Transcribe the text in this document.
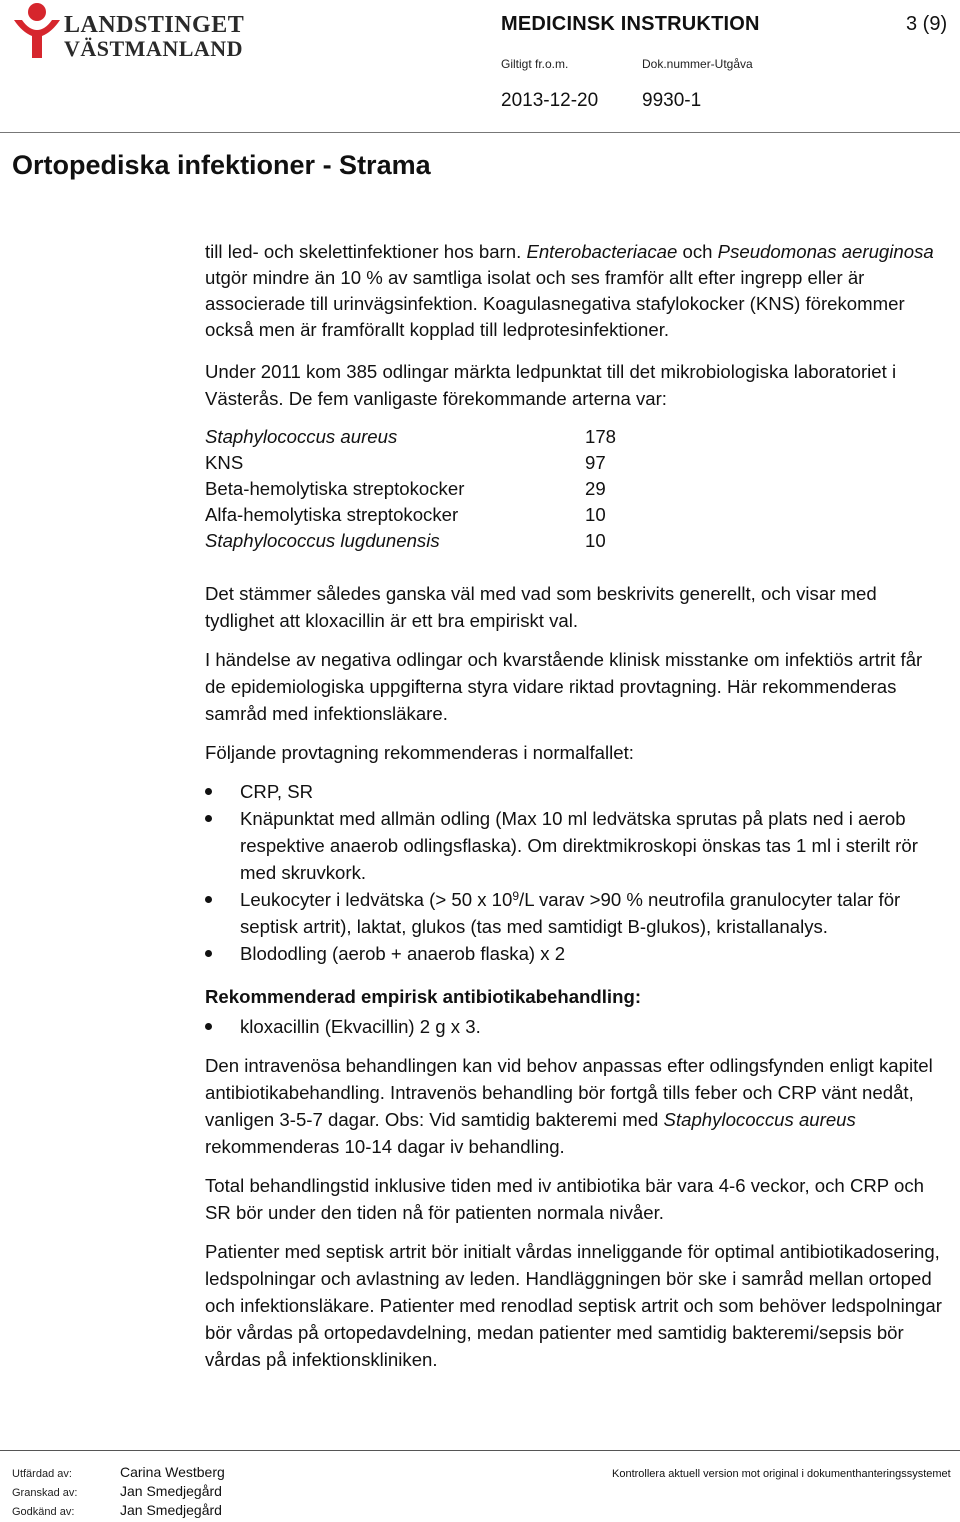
LANDSTINGET
VÄSTMANLAND
MEDICINSK INSTRUKTION	3 (9)
Giltigt fr.o.m.	Dok.nummer-Utgåva
2013-12-20 9930-1
Ortopediska infektioner - Strama

till led- och skelettinfektioner hos barn. Enterobacteriacae och Pseudomonas aeruginosa utgör mindre än 10 % av samtliga isolat och ses framför allt efter ingrepp eller är associerade till urinvägsinfektion. Koagulasnegativa stafylokocker (KNS) förekommer också men är framförallt kopplad till ledprotesinfektioner.

Under 2011 kom 385 odlingar märkta ledpunktat till det mikrobiologiska laboratoriet i Västerås. De fem vanligaste förekommande arterna var:

Staphylococcus aureus	178
KNS	97
Beta-hemolytiska streptokocker	29
Alfa-hemolytiska streptokocker	10
Staphylococcus lugdunensis	10

Det stämmer således ganska väl med vad som beskrivits generellt, och visar med tydlighet att kloxacillin är ett bra empiriskt val.

I händelse av negativa odlingar och kvarstående klinisk misstanke om infektiös artrit får de epidemiologiska uppgifterna styra vidare riktad provtagning. Här rekommenderas samråd med infektionsläkare.

Följande provtagning rekommenderas i normalfallet:

CRP, SR
Knäpunktat med allmän odling (Max 10 ml ledvätska sprutas på plats ned i aerob respektive anaerob odlingsflaska). Om direktmikroskopi önskas tas 1 ml i sterilt rör med skruvkork.
Leukocyter i ledvätska (> 50 x $10^9/L$ varav >90 % neutrofila granulocyter talar för septisk artrit), laktat, glukos (tas med samtidigt B-glukos), kristallanalys.
Blododling (aerob + anaerob flaska) x 2
Rekommenderad empirisk antibiotikabehandling:
kloxacillin (Ekvacillin) 2 g x 3.

Den intravenösa behandlingen kan vid behov anpassas efter odlingsfynden enligt kapitel antibiotikabehandling. Intravenös behandling bör fortgå tills feber och CRP vänt nedåt, vanligen 3-5-7 dagar. Obs: Vid samtidig bakteremi med Staphylococcus aureus rekommenderas 10-14 dagar iv behandling.

Total behandlingstid inklusive tiden med iv antibiotika bär vara 4-6 veckor, och CRP och SR bör under den tiden nå för patienten normala nivåer.

Patienter med septisk artrit bör initialt vårdas inneliggande för optimal antibiotikadosering, ledspolningar och avlastning av leden. Handläggningen bör ske i samråd mellan ortoped och infektionsläkare. Patienter med renodlad septisk artrit och som behöver ledspolningar bör vårdas på ortopedavdelning, medan patienter med samtidig bakteremi/sepsis bör vårdas på infektionskliniken.

Utfärdad av:	Carina Westberg
Granskad av:	Jan Smedjegård
Godkänd av:	Jan Smedjegård
Kontrollera aktuell version mot original i dokumenthanteringssystemet
